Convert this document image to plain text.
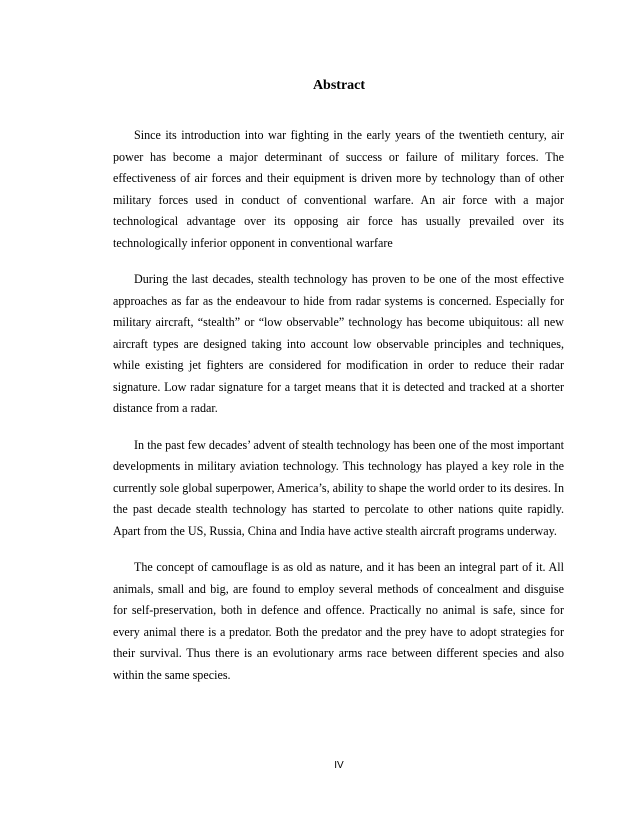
Abstract

Since its introduction into war fighting in the early years of the twentieth century, air power has become a major determinant of success or failure of military forces. The effectiveness of air forces and their equipment is driven more by technology than of other military forces used in conduct of conventional warfare. An air force with a major technological advantage over its opposing air force has usually prevailed over its technologically inferior opponent in conventional warfare

During the last decades, stealth technology has proven to be one of the most effective approaches as far as the endeavour to hide from radar systems is concerned. Especially for military aircraft, “stealth” or “low observable” technology has become ubiquitous: all new aircraft types are designed taking into account low observable principles and techniques, while existing jet fighters are considered for modification in order to reduce their radar signature. Low radar signature for a target means that it is detected and tracked at a shorter distance from a radar.

In the past few decades’ advent of stealth technology has been one of the most important developments in military aviation technology. This technology has played a key role in the currently sole global superpower, America’s, ability to shape the world order to its desires. In the past decade stealth technology has started to percolate to other nations quite rapidly. Apart from the US, Russia, China and India have active stealth aircraft programs underway.

The concept of camouflage is as old as nature, and it has been an integral part of it. All animals, small and big, are found to employ several methods of concealment and disguise for self-preservation, both in defence and offence. Practically no animal is safe, since for every animal there is a predator. Both the predator and the prey have to adopt strategies for their survival. Thus there is an evolutionary arms race between different species and also within the same species.

IV
